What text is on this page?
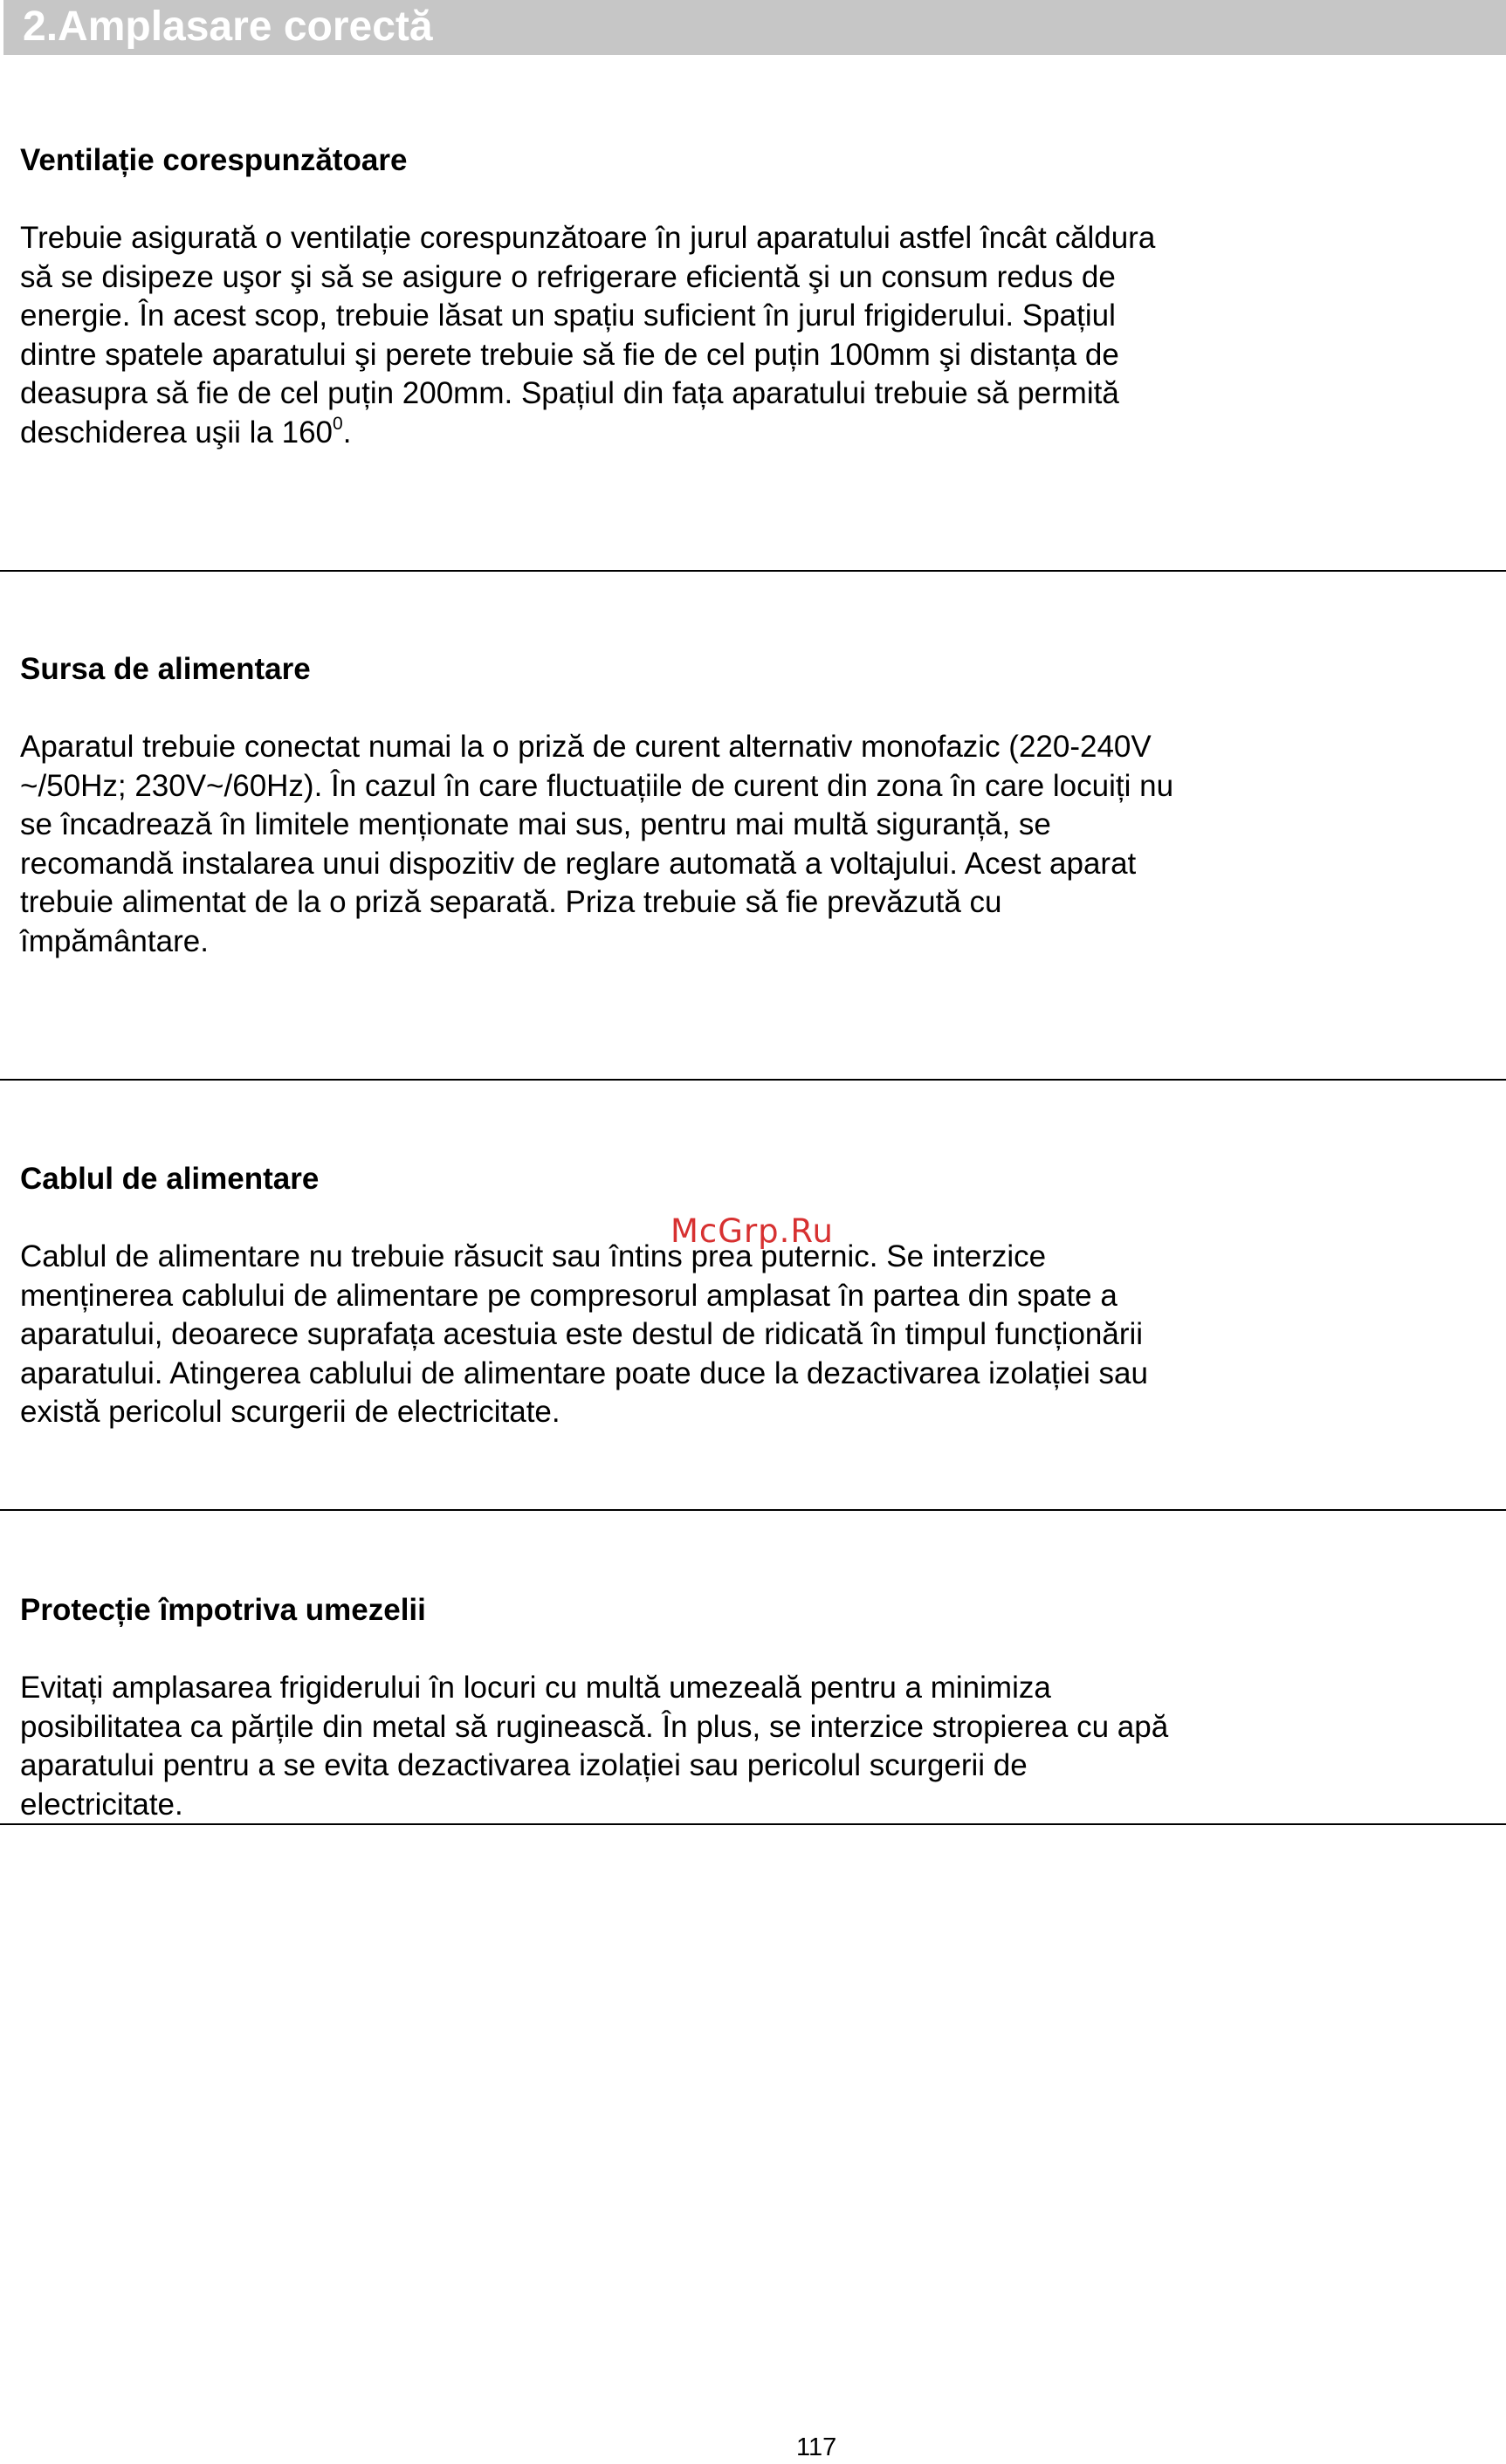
2.Amplasare corectă
Ventilație corespunzătoare
Trebuie asigurată o ventilație corespunzătoare în jurul aparatului astfel încât căldura
să se disipeze uşor şi să se asigure o refrigerare eficientă şi un consum redus de
energie. În acest scop, trebuie lăsat un spațiu suficient în jurul frigiderului. Spațiul
dintre spatele aparatului şi perete trebuie să fie de cel puțin 100mm şi distanța de
deasupra să fie de cel puțin 200mm. Spațiul din fața aparatului trebuie să permită
deschiderea uşii la $160^0$.
Sursa de alimentare
Aparatul trebuie conectat numai la o priză de curent alternativ monofazic (220-240V
~/50Hz; 230V~/60Hz). În cazul în care fluctuațiile de curent din zona în care locuiți nu
se încadrează în limitele menționate mai sus, pentru mai multă siguranță, se
recomandă instalarea unui dispozitiv de reglare automată a voltajului. Acest aparat
trebuie alimentat de la o priză separată. Priza trebuie să fie prevăzută cu
împământare.
Cablul de alimentare
Cablul de alimentare nu trebuie răsucit sau întins prea puternic. Se interzice
menținerea cablului de alimentare pe compresorul amplasat în partea din spate a
aparatului, deoarece suprafața acestuia este destul de ridicată în timpul funcționării
aparatului. Atingerea cablului de alimentare poate duce la dezactivarea izolației sau
există pericolul scurgerii de electricitate.
Protecție împotriva umezelii
Evitați amplasarea frigiderului în locuri cu multă umezeală pentru a minimiza
posibilitatea ca părțile din metal să ruginească. În plus, se interzice stropierea cu apă
aparatului pentru a se evita dezactivarea izolației sau pericolul scurgerii de
electricitate.
McGrp.Ru
117
